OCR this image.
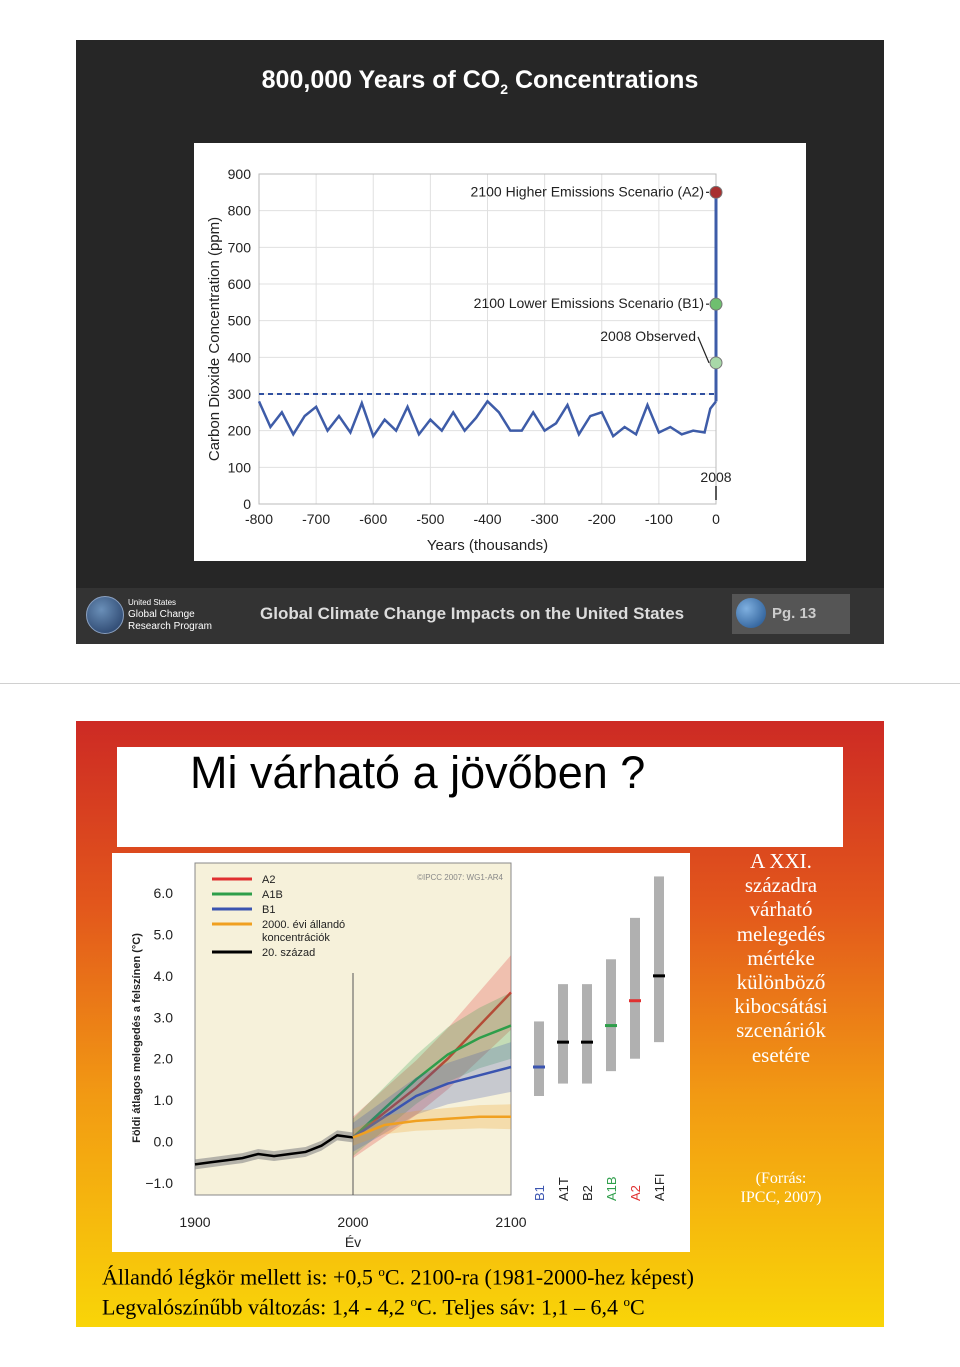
800,000 Years of $CO_2$ Concentrations
900
800
700
600
500
400
300
200
100
0
-800 -700 -600 -500 -400 -300 -200 -100	0
Years (thousands)
Carbon Dioxide Concentration (ppm)
2100 Higher Emissions Scenario (A2)
2100 Lower Emissions Scenario (B1)
2008 Observed
2008
United States
Global Change
Research Program
Global Climate Change Impacts on the United States	Pg. 13
Mi várható a jövőben ?
6.0
5.0
4.0
3.0
2.0
1.0
0.0
−1.0
1900	2000	2100
Év
Földi átlagos melegedés a felszínen (°C)
©IPCC 2007: WG1-AR4
A2
A1B
B1
2000. évi állandó
koncentrációk
20. század
B1 A1T B2 A1B A2 A1FI
A XXI.
századra
várható
melegedés
mértéke
különböző
kibocsátási
szcenáriók
esetére
(Forrás:
IPCC, 2007)
Állandó légkör mellett is: +0,5 $^o$C. 2100-ra (1981-2000-hez képest)
Legvalószínűbb változás: 1,4 - 4,2 $^o$C. Teljes sáv: 1,1 – 6,4 $^o$C
